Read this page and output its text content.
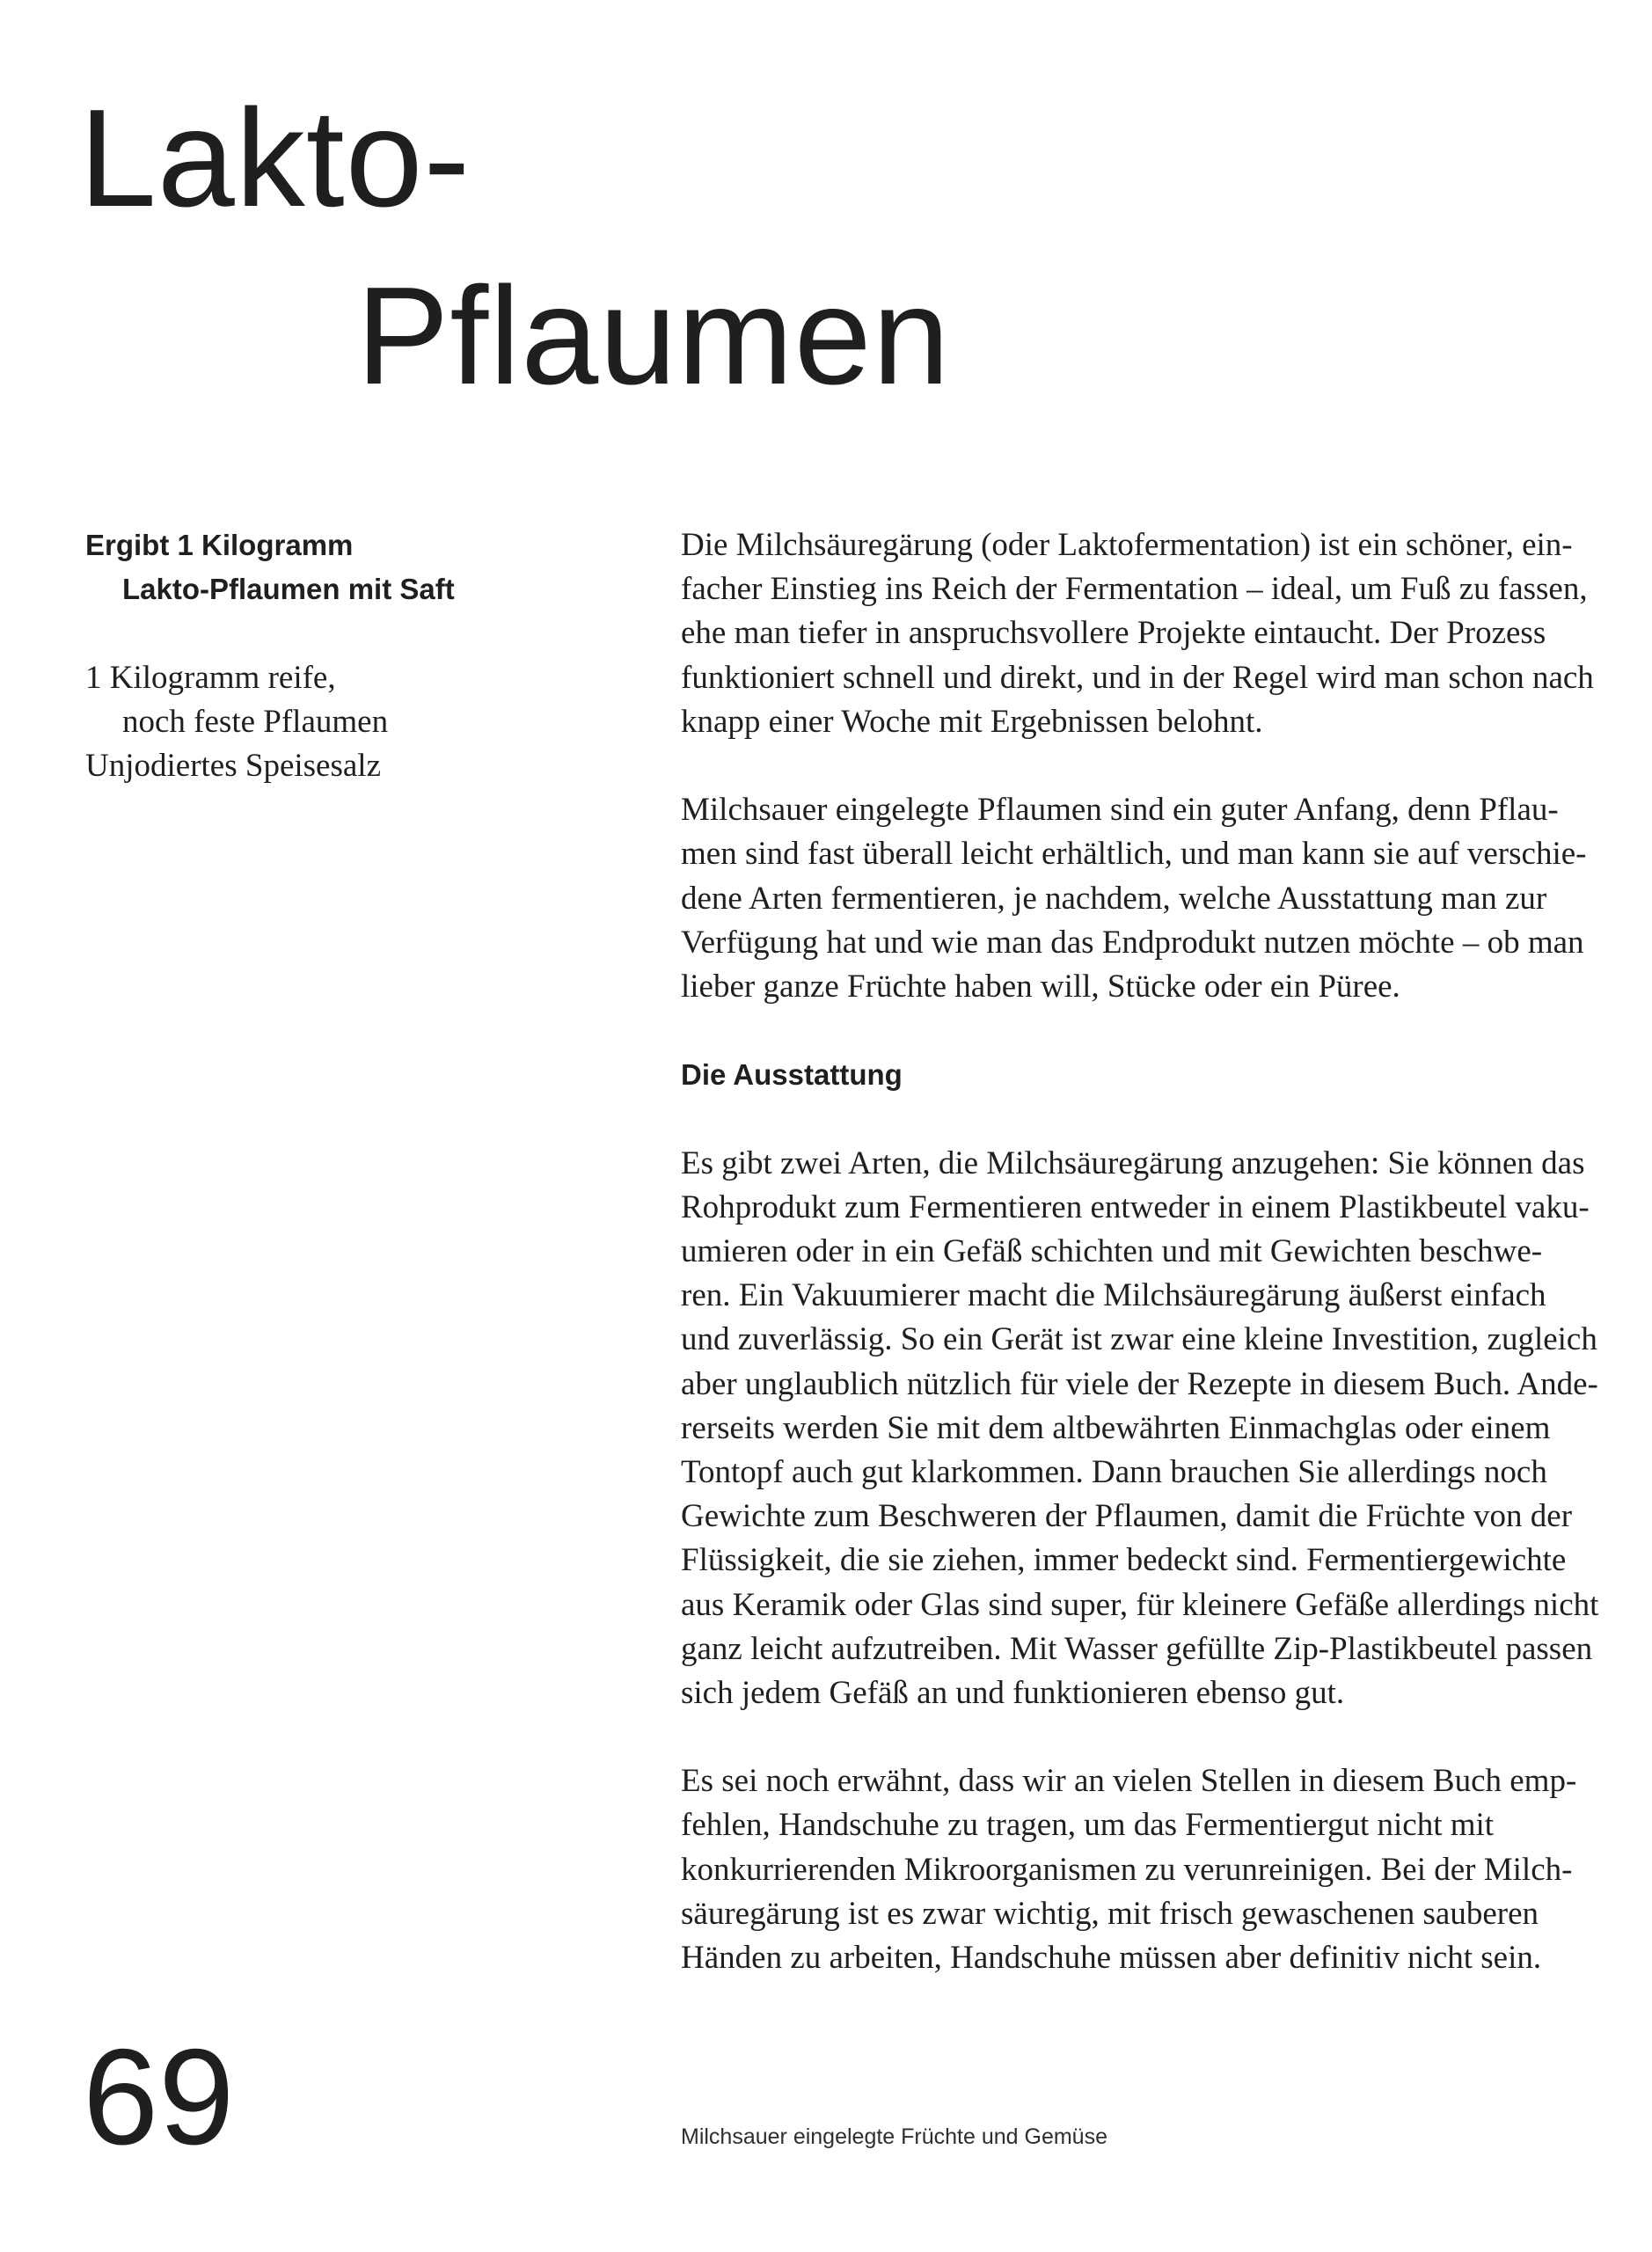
Lakto-
Pflaumen
Ergibt 1 Kilogramm
Lakto-Pflaumen mit Saft
1 Kilogramm reife,
noch feste Pflaumen
Unjodiertes Speisesalz
Die Milchsäuregärung (oder Laktofermentation) ist ein schöner, ein-
facher Einstieg ins Reich der Fermentation – ideal, um Fuß zu fassen,
ehe man tiefer in anspruchsvollere Projekte eintaucht. Der Prozess
funktioniert schnell und direkt, und in der Regel wird man schon nach
knapp einer Woche mit Ergebnissen belohnt.
Milchsauer eingelegte Pflaumen sind ein guter Anfang, denn Pflau-
men sind fast überall leicht erhältlich, und man kann sie auf verschie-
dene Arten fermentieren, je nachdem, welche Ausstattung man zur
Verfügung hat und wie man das Endprodukt nutzen möchte – ob man
lieber ganze Früchte haben will, Stücke oder ein Püree.
Die Ausstattung
Es gibt zwei Arten, die Milchsäuregärung anzugehen: Sie können das
Rohprodukt zum Fermentieren entweder in einem Plastikbeutel vaku-
umieren oder in ein Gefäß schichten und mit Gewichten beschwe-
ren. Ein Vakuumierer macht die Milchsäuregärung äußerst einfach
und zuverlässig. So ein Gerät ist zwar eine kleine Investition, zugleich
aber unglaublich nützlich für viele der Rezepte in diesem Buch. Ande-
rerseits werden Sie mit dem altbewährten Einmachglas oder einem
Tontopf auch gut klarkommen. Dann brauchen Sie allerdings noch
Gewichte zum Beschweren der Pflaumen, damit die Früchte von der
Flüssigkeit, die sie ziehen, immer bedeckt sind. Fermentiergewichte
aus Keramik oder Glas sind super, für kleinere Gefäße allerdings nicht
ganz leicht aufzutreiben. Mit Wasser gefüllte Zip-Plastikbeutel passen
sich jedem Gefäß an und funktionieren ebenso gut.
Es sei noch erwähnt, dass wir an vielen Stellen in diesem Buch emp-
fehlen, Handschuhe zu tragen, um das Fermentiergut nicht mit
konkurrierenden Mikroorganismen zu verunreinigen. Bei der Milch-
säuregärung ist es zwar wichtig, mit frisch gewaschenen sauberen
Händen zu arbeiten, Handschuhe müssen aber definitiv nicht sein.
69	Milchsauer eingelegte Früchte und Gemüse
